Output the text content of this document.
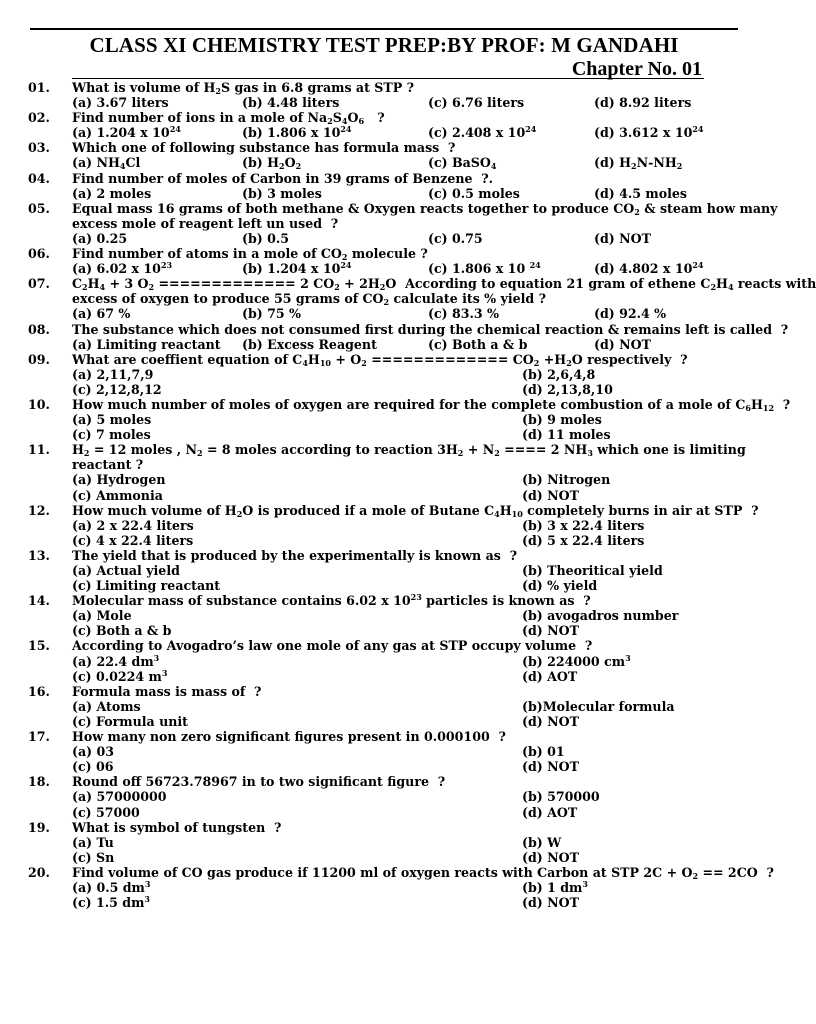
CLASS XI CHEMISTRY TEST PREP:BY PROF: M GANDAHI
Chapter No. 01
01. What is volume of $H_2S$ gas in 6.8 grams at STP ?
(a) 3.67 liters	(b) 4.48 liters	(c) 6.76 liters	(d) 8.92 liters
02. Find number of ions in a mole of $Na_2S_4O_6$   ?
(a) 1.204 x $10^{24}$	(b) 1.806 x $10^{24}$	(c) 2.408 x $10^{24}$	(d) 3.612 x $10^{24}$
03. Which one of following substance has formula mass  ?
(a) $NH_4Cl$	(b) $H_2O_2$	(c) BaSO$_4$	(d) $H_2N-NH_2$
04. Find number of moles of Carbon in 39 grams of Benzene  ?.
(a) 2 moles	(b) 3 moles	(c) 0.5 moles	(d) 4.5 moles
05. Equal mass 16 grams of both methane & Oxygen reacts together to produce $CO_2$ & steam how many
excess mole of reagent left un used  ?
(a) 0.25	(b) 0.5	(c) 0.75	(d) NOT
06. Find number of atoms in a mole of $CO_2$ molecule ?
(a) 6.02 x $10^{23}$	(b) 1.204 x $10^{24}$	(c) 1.806 x 10 $^{24}$	(d) 4.802 x $10^{24}$
07. $C_2H_4 + 3$ $O_2$ ============= 2 $CO_2 + 2H_2O$  According to equation 21 gram of ethene $C_2H_4$ reacts with
excess of oxygen to produce 55 grams of $CO_2$ calculate its % yield ?
(a) 67 %	(b) 75 %	(c) 83.3 %	(d) 92.4 %
08. The substance which does not consumed first during the chemical reaction & remains left is called  ?
(a) Limiting reactant (b) Excess Reagent	(c) Both a & b	(d) NOT
09. What are coeffient equation of $C_4H_{10} + O_2$ ============= $CO_2 +H_2O$ respectively  ?
(a) 2,11,7,9	(b) 2,6,4,8
(c) 2,12,8,12	(d) 2,13,8,10
10. How much number of moles of oxygen are required for the complete combustion of a mole of $C_6H_{12}$  ?
(a) 5 moles	(b) 9 moles
(c) 7 moles	(d) 11 moles
11. $H_2 = 12$ moles , $N_2 = 8$ moles according to reaction $3H_2 + N_2$ ==== 2 $NH_3$ which one is limiting
reactant ?
(a) Hydrogen	(b) Nitrogen
(c) Ammonia	(d) NOT
12. How much volume of $H_2O$ is produced if a mole of Butane $C_4H_{10}$ completely burns in air at STP  ?
(a) 2 x 22.4 liters	(b) 3 x 22.4 liters
(c) 4 x 22.4 liters	(d) 5 x 22.4 liters
13. The yield that is produced by the experimentally is known as  ?
(a) Actual yield	(b) Theoritical yield
(c) Limiting reactant	(d) % yield
14. Molecular mass of substance contains 6.02 x $10^{23}$ particles is known as  ?
(a) Mole	(b) avogadros number
(c) Both a & b	(d) NOT
15. According to Avogadro’s law one mole of any gas at STP occupy volume  ?
(a) 22.4 $dm^3$	(b) 224000 $cm^3$
(c) 0.0224 $m^3$	(d) AOT
16. Formula mass is mass of  ?
(a) Atoms	(b)Molecular formula
(c) Formula unit	(d) NOT
17. How many non zero significant figures present in 0.000100  ?
(a) 03	(b) 01
(c) 06	(d) NOT
18. Round off 56723.78967 in to two significant figure  ?
(a) 57000000	(b) 570000
(c) 57000	(d) AOT
19. What is symbol of tungsten  ?
(a) Tu	(b) W
(c) Sn	(d) NOT
20. Find volume of CO gas produce if 11200 ml of oxygen reacts with Carbon at STP $2C + O_2 == 2CO$  ?
(a) 0.5 $dm^3$	(b) 1 $dm^3$
(c) 1.5 $dm^3$	(d) NOT
